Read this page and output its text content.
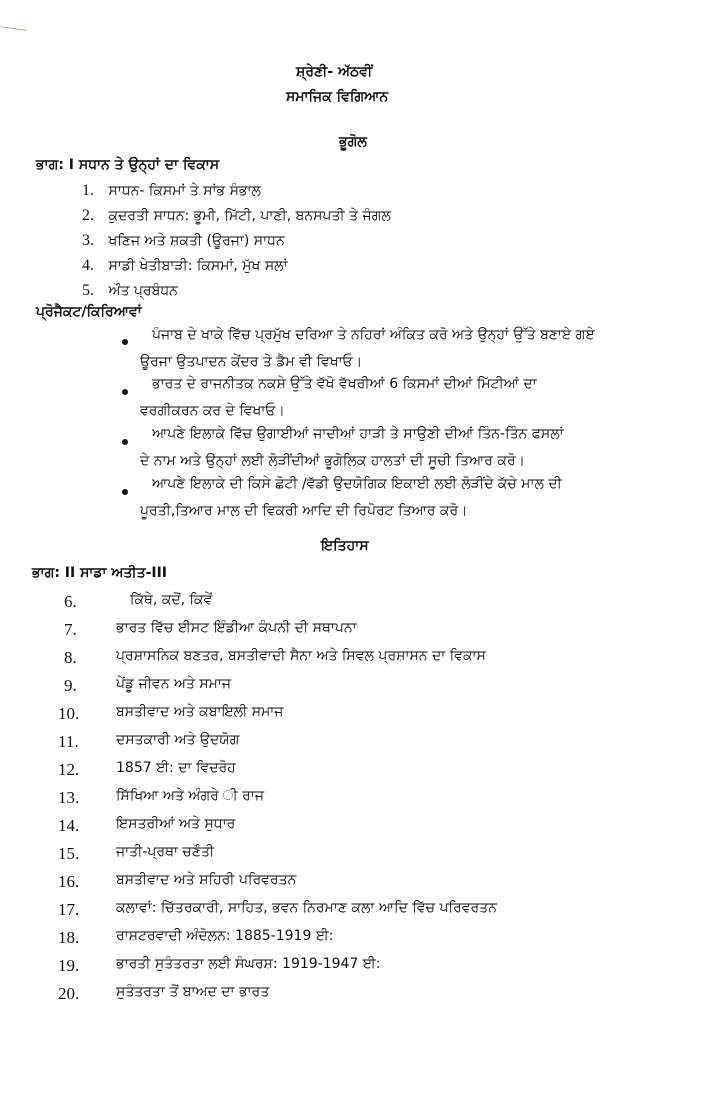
ਸ਼੍ਰੇਣੀ- ਅੱਠਵੀਂ
ਸਮਾਜਿਕ ਵਿਗਿਆਨ
ਭੂਗੋਲ
ਭਾਗ: I ਸਧਾਨ ਤੇ ਉਨ੍ਹਾਂ ਦਾ ਵਿਕਾਸ
1. ਸਾਧਨ- ਕਿਸਮਾਂ ਤੇ ਸਾਂਭ ਸੰਭਾਲ
2. ਕੁਦਰਤੀ ਸਾਧਨ: ਭੂਮੀ, ਮਿੱਟੀ, ਪਾਣੀ, ਬਨਸਪਤੀ ਤੇ ਜੰਗਲ
3. ਖਣਿਜ ਅਤੇ ਸ਼ਕਤੀ (ਊਰਜਾ) ਸਾਧਨ
4. ਸਾਡੀ ਖੇਤੀਬਾੜੀ: ਕਿਸਮਾਂ, ਮੁੱਖ ਸਲਾਂ
5. ਔਤ ਪ੍ਰਬੰਧਨ
ਪ੍ਰੋਜੈਕਟ/ਕਿਰਿਆਵਾਂ
ਪੰਜਾਬ ਦੇ ਖਾਕੇ ਵਿੱਚ ਪ੍ਰਮੁੱਖ ਦਰਿਆ ਤੇ ਨਹਿਰਾਂ ਅੰਕਿਤ ਕਰੋ ਅਤੇ ਉਨ੍ਹਾਂ ਉੱਤੇ ਬਣਾਏ ਗਏ
ਊਰਜਾ ਉਤਪਾਦਨ ਕੇਂਦਰ ਤੇ ਡੈਮ ਵੀ ਵਿਖਾਓ।
ਭਾਰਤ ਦੇ ਰਾਜਨੀਤਕ ਨਕਸ਼ੇ ਉੱਤੇ ਵੱਖੋ ਵੱਖਰੀਆਂ 6 ਕਿਸਮਾਂ ਦੀਆਂ ਮਿੱਟੀਆਂ ਦਾ
ਵਰਗੀਕਰਨ ਕਰ ਦੇ ਵਿਖਾਓ।
ਆਪਣੇ ਇਲਾਕੇ ਵਿੱਚ ਉਗਾਈਆਂ ਜਾਦੀਆਂ ਹਾੜੀ ਤੇ ਸਾਉਣੀ ਦੀਆਂ ਤਿੰਨ-ਤਿੰਨ ਫਸਲਾਂ
ਦੇ ਨਾਮ ਅਤੇ ਉਨ੍ਹਾਂ ਲਈ ਲੋੜੀਂਦੀਆਂ ਭੂਗੋਲਿਕ ਹਾਲਤਾਂ ਦੀ ਸੂਚੀ ਤਿਆਰ ਕਰੋ।
ਆਪਣੇ ਇਲਾਕੇ ਦੀ ਕਿਸੇ ਛੋਟੀ /ਵੱਡੀ ਉਦਯੋਗਿਕ ਇਕਾਈ ਲਈ ਲੋੜੀਂਦੇ ਕੱਚੇ ਮਾਲ ਦੀ
ਪੂਰਤੀ,ਤਿਆਰ ਮਾਲ ਦੀ ਵਿਕਰੀ ਆਦਿ ਦੀ ਰਿਪੋਰਟ ਤਿਆਰ ਕਰੋ।
ਇਤਿਹਾਸ
ਭਾਗ: II ਸਾਡਾ ਅਤੀਤ-III
6.	ਕਿੱਥੇ, ਕਦੋਂ, ਕਿਵੇਂ
7.	ਭਾਰਤ ਵਿੱਚ ਈਸਟ ਇੰਡੀਆ ਕੰਪਨੀ ਦੀ ਸਥਾਪਨਾ
8.	ਪ੍ਰਸ਼ਾਸਨਿਕ ਬਣਤਰ, ਬਸਤੀਵਾਦੀ ਸੈਨਾ ਅਤੇ ਸਿਵਲ ਪ੍ਰਸ਼ਾਸਨ ਦਾ ਵਿਕਾਸ
9.	ਪੇਂਡੂ ਜੀਵਨ ਅਤੇ ਸਮਾਜ
10.	ਬਸਤੀਵਾਦ ਅਤੇ ਕਬਾਇਲੀ ਸਮਾਜ
11.	ਦਸਤਕਾਰੀ ਅਤੇ ਉਦਯੋਗ
12.	1857 ਈ: ਦਾ ਵਿਦਰੋਹ
13.	ਸਿੱਖਿਆ ਅਤੇ ਅੰਗਰੇ ੀ ਰਾਜ
14.	ਇਸਤਰੀਆਂ ਅਤੇ ਸੁਧਾਰ
15.	ਜਾਤੀ-ਪ੍ਰਥਾ ਚਣੌਤੀ
16.	ਬਸਤੀਵਾਦ ਅਤੇ ਸ਼ਹਿਰੀ ਪਰਿਵਰਤਨ
17.	ਕਲਾਵਾਂ: ਚਿੱਤਰਕਾਰੀ, ਸਾਹਿਤ, ਭਵਨ ਨਿਰਮਾਣ ਕਲਾ ਆਦਿ ਵਿੱਚ ਪਰਿਵਰਤਨ
18.	ਰਾਸ਼ਟਰਵਾਦੀ ਅੰਦੋਲਨ: 1885-1919 ਈ:
19.	ਭਾਰਤੀ ਸੁਤੰਤਰਤਾ ਲਈ ਸੰਘਰਸ਼: 1919-1947 ਈ:
20.	ਸੁਤੰਤਰਤਾ ਤੋਂ ਬਾਅਦ ਦਾ ਭਾਰਤ
